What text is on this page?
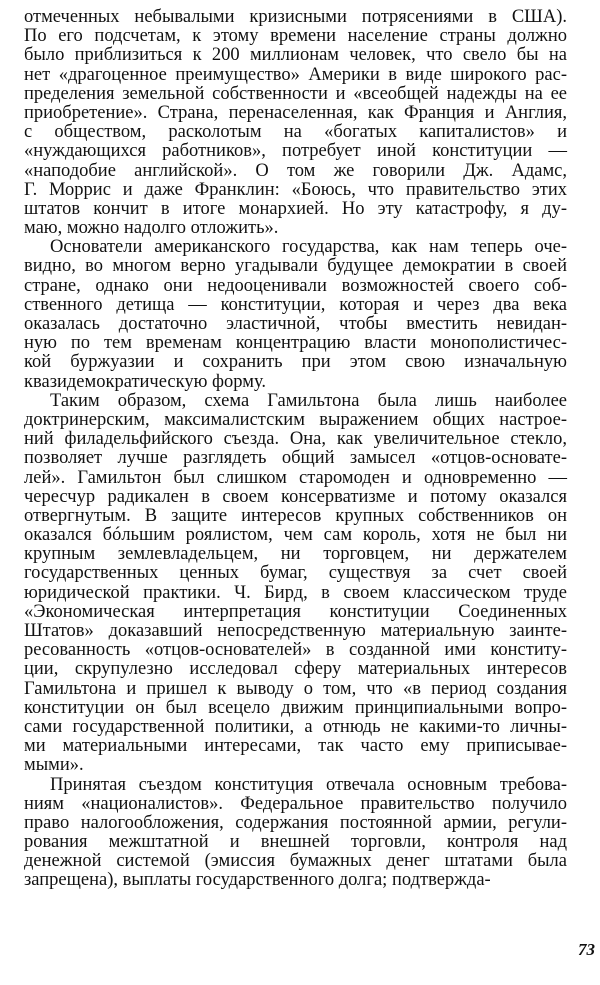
отмеченных небывалыми кризисными потрясениями в США).
По его подсчетам, к этому времени население страны должно
было приблизиться к 200 миллионам человек, что свело бы на
нет «драгоценное преимущество» Америки в виде широкого рас-
пределения земельной собственности и «всеобщей надежды на ее
приобретение». Страна, перенаселенная, как Франция и Англия,
с обществом, расколотым на «богатых капиталистов» и
«нуждающихся работников», потребует иной конституции —
«наподобие английской». О том же говорили Дж. Адамс,
Г. Моррис и даже Франклин: «Боюсь, что правительство этих
штатов кончит в итоге монархией. Но эту катастрофу, я ду-
маю, можно надолго отложить».
Основатели американского государства, как нам теперь оче-
видно, во многом верно угадывали будущее демократии в своей
стране, однако они недооценивали возможностей своего соб-
ственного детища — конституции, которая и через два века
оказалась достаточно эластичной, чтобы вместить невидан-
ную по тем временам концентрацию власти монополистичес-
кой буржуазии и сохранить при этом свою изначальную
квазидемократическую форму.
Таким образом, схема Гамильтона была лишь наиболее
доктринерским, максималистским выражением общих настрое-
ний филадельфийского съезда. Она, как увеличительное стекло,
позволяет лучше разглядеть общий замысел «отцов-основате-
лей». Гамильтон был слишком старомоден и одновременно —
чересчур радикален в своем консерватизме и потому оказался
отвергнутым. В защите интересов крупных собственников он
оказался бóльшим роялистом, чем сам король, хотя не был ни
крупным землевладельцем, ни торговцем, ни держателем
государственных ценных бумаг, существуя за счет своей
юридической практики. Ч. Бирд, в своем классическом труде
«Экономическая интерпретация конституции Соединенных
Штатов» доказавший непосредственную материальную заинте-
ресованность «отцов-основателей» в созданной ими конститу-
ции, скрупулезно исследовал сферу материальных интересов
Гамильтона и пришел к выводу о том, что «в период создания
конституции он был всецело движим принципиальными вопро-
сами государственной политики, а отнюдь не какими-то личны-
ми материальными интересами, так часто ему приписывае-
мыми».
Принятая съездом конституция отвечала основным требова-
ниям «националистов». Федеральное правительство получило
право налогообложения, содержания постоянной армии, регули-
рования межштатной и внешней торговли, контроля над
денежной системой (эмиссия бумажных денег штатами была
запрещена), выплаты государственного долга; подтвержда-
73
